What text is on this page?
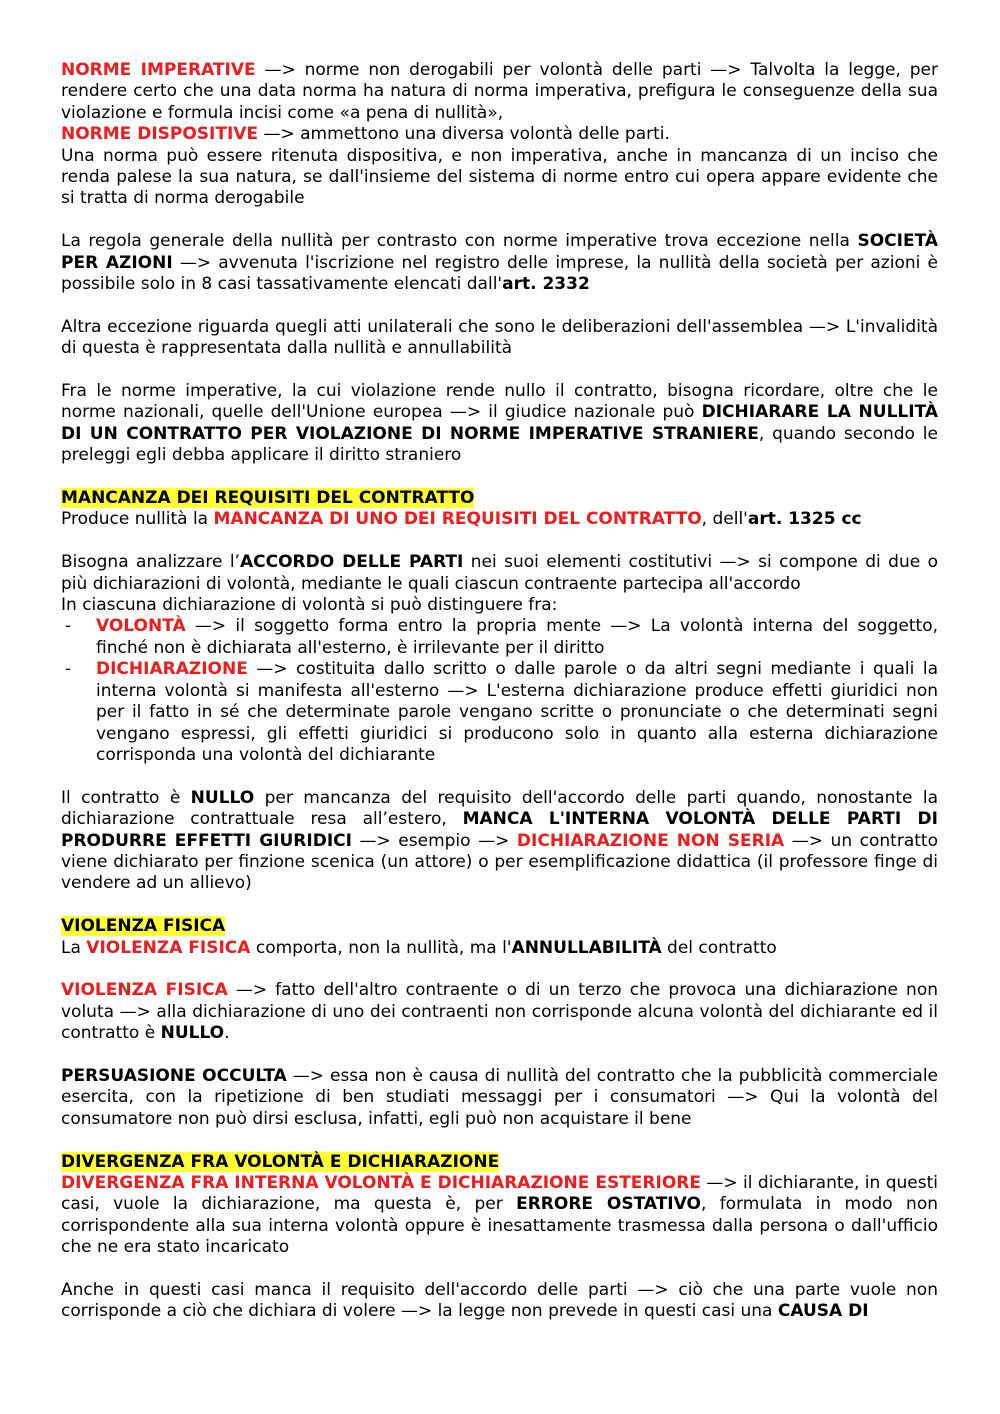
NORME IMPERATIVE —> norme non derogabili per volontà delle parti —> Talvolta la legge, per rendere certo che una data norma ha natura di norma imperativa, prefigura le conseguenze della sua violazione e formula incisi come «a pena di nullità»,

NORME DISPOSITIVE —> ammettono una diversa volontà delle parti.

Una norma può essere ritenuta dispositiva, e non imperativa, anche in mancanza di un inciso che renda palese la sua natura, se dall'insieme del sistema di norme entro cui opera appare evidente che si tratta di norma derogabile

La regola generale della nullità per contrasto con norme imperative trova eccezione nella SOCIETÀ PER AZIONI —> avvenuta l'iscrizione nel registro delle imprese, la nullità della società per azioni è possibile solo in 8 casi tassativamente elencati dall'art. 2332

Altra eccezione riguarda quegli atti unilaterali che sono le deliberazioni dell'assemblea —> L'invalidità di questa è rappresentata dalla nullità e annullabilità

Fra le norme imperative, la cui violazione rende nullo il contratto, bisogna ricordare, oltre che le norme nazionali, quelle dell'Unione europea —> il giudice nazionale può DICHIARARE LA NULLITÀ DI UN CONTRATTO PER VIOLAZIONE DI NORME IMPERATIVE STRANIERE, quando secondo le preleggi egli debba applicare il diritto straniero

MANCANZA DEI REQUISITI DEL CONTRATTO

Produce nullità la MANCANZA DI UNO DEI REQUISITI DEL CONTRATTO, dell'art. 1325 cc

Bisogna analizzare l’ACCORDO DELLE PARTI nei suoi elementi costitutivi —> si compone di due o più dichiarazioni di volontà, mediante le quali ciascun contraente partecipa all'accordo

In ciascuna dichiarazione di volontà si può distinguere fra:

-	VOLONTÀ —> il soggetto forma entro la propria mente —> La volontà interna del soggetto, finché non è dichiarata all'esterno, è irrilevante per il diritto
-	DICHIARAZIONE —> costituita dallo scritto o dalle parole o da altri segni mediante i quali la interna volontà si manifesta all'esterno —> L'esterna dichiarazione produce effetti giuridici non per il fatto in sé che determinate parole vengano scritte o pronunciate o che determinati segni vengano espressi, gli effetti giuridici si producono solo in quanto alla esterna dichiarazione corrisponda una volontà del dichiarante

Il contratto è NULLO per mancanza del requisito dell'accordo delle parti quando, nonostante la dichiarazione contrattuale resa all’estero, MANCA L'INTERNA VOLONTÀ DELLE PARTI DI PRODURRE EFFETTI GIURIDICI —> esempio —> DICHIARAZIONE NON SERIA —> un contratto viene dichiarato per finzione scenica (un attore) o per esemplificazione didattica (il professore finge di vendere ad un allievo)

VIOLENZA FISICA

La VIOLENZA FISICA comporta, non la nullità, ma l'ANNULLABILITÀ del contratto

VIOLENZA FISICA —> fatto dell'altro contraente o di un terzo che provoca una dichiarazione non voluta —> alla dichiarazione di uno dei contraenti non corrisponde alcuna volontà del dichiarante ed il contratto è NULLO.

PERSUASIONE OCCULTA —> essa non è causa di nullità del contratto che la pubblicità commerciale esercita, con la ripetizione di ben studiati messaggi per i consumatori —> Qui la volontà del consumatore non può dirsi esclusa, infatti, egli può non acquistare il bene

DIVERGENZA FRA VOLONTÀ E DICHIARAZIONE

DIVERGENZA FRA INTERNA VOLONTÀ E DICHIARAZIONE ESTERIORE —> il dichiarante, in questi casi, vuole la dichiarazione, ma questa è, per ERRORE OSTATIVO, formulata in modo non corrispondente alla sua interna volontà oppure è inesattamente trasmessa dalla persona o dall'ufficio che ne era stato incaricato

Anche in questi casi manca il requisito dell'accordo delle parti —> ciò che una parte vuole non corrisponde a ciò che dichiara di volere —> la legge non prevede in questi casi una CAUSA DI
